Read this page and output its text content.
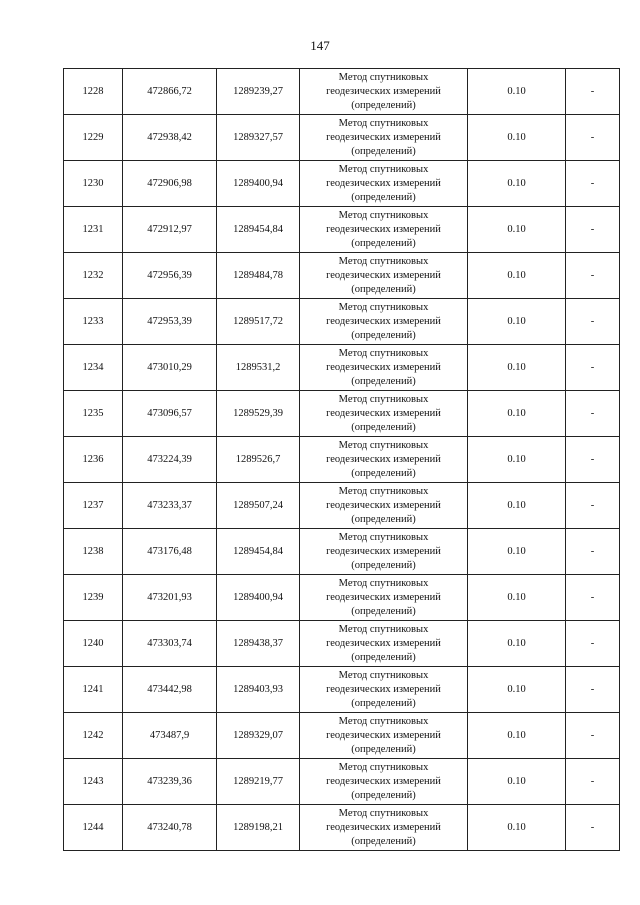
147
1228	472866,72	1289239,27	Метод спутниковых
геодезических измерений
(определений)	0.10	-
1229	472938,42	1289327,57	Метод спутниковых
геодезических измерений
(определений)	0.10	-
1230	472906,98	1289400,94	Метод спутниковых
геодезических измерений
(определений)	0.10	-
1231	472912,97	1289454,84	Метод спутниковых
геодезических измерений
(определений)	0.10	-
1232	472956,39	1289484,78	Метод спутниковых
геодезических измерений
(определений)	0.10	-
1233	472953,39	1289517,72	Метод спутниковых
геодезических измерений
(определений)	0.10	-
1234	473010,29	1289531,2	Метод спутниковых
геодезических измерений
(определений)	0.10	-
1235	473096,57	1289529,39	Метод спутниковых
геодезических измерений
(определений)	0.10	-
1236	473224,39	1289526,7	Метод спутниковых
геодезических измерений
(определений)	0.10	-
1237	473233,37	1289507,24	Метод спутниковых
геодезических измерений
(определений)	0.10	-
1238	473176,48	1289454,84	Метод спутниковых
геодезических измерений
(определений)	0.10	-
1239	473201,93	1289400,94	Метод спутниковых
геодезических измерений
(определений)	0.10	-
1240	473303,74	1289438,37	Метод спутниковых
геодезических измерений
(определений)	0.10	-
1241	473442,98	1289403,93	Метод спутниковых
геодезических измерений
(определений)	0.10	-
1242	473487,9	1289329,07	Метод спутниковых
геодезических измерений
(определений)	0.10	-
1243	473239,36	1289219,77	Метод спутниковых
геодезических измерений
(определений)	0.10	-
1244	473240,78	1289198,21	Метод спутниковых
геодезических измерений
(определений)	0.10	-
